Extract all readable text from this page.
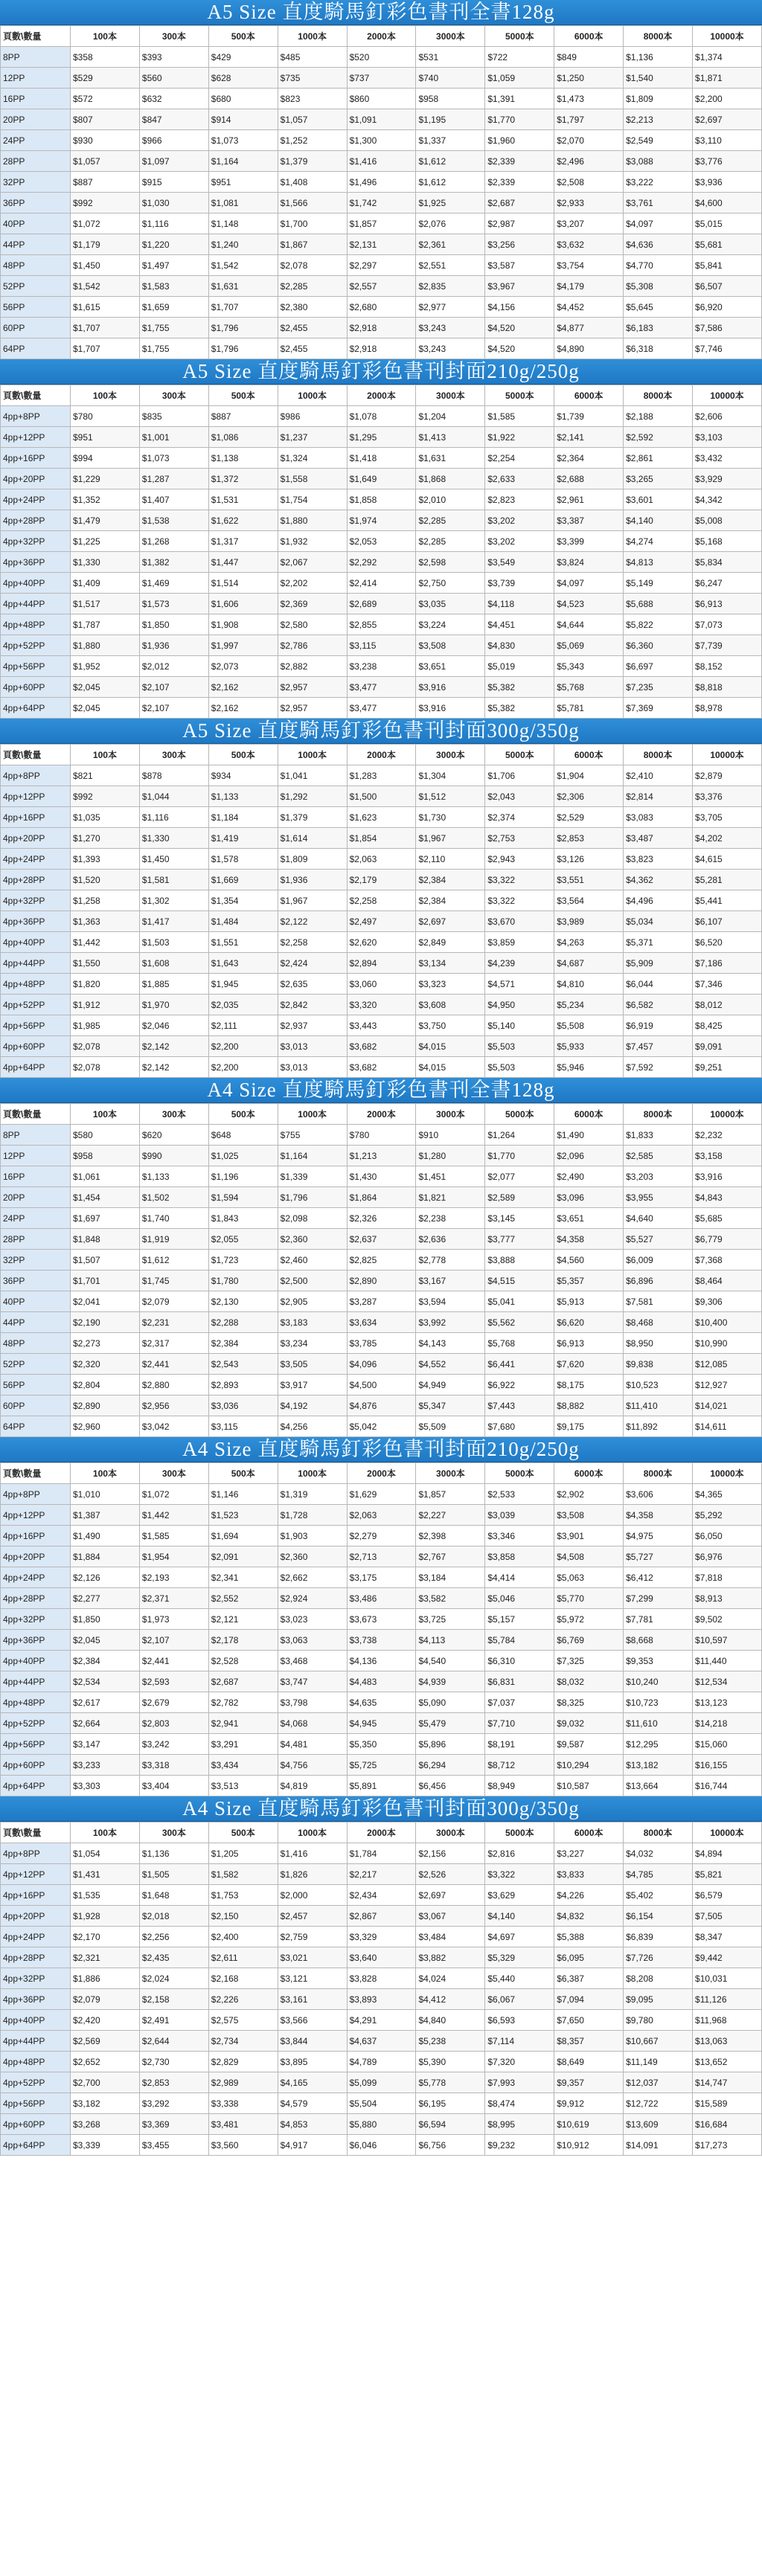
A5 Size 直度騎馬釘彩色書刊全書128g
頁數\數量	100本	300本	500本	1000本	2000本	3000本	5000本	6000本	8000本	10000本
8PP	$358	$393	$429	$485	$520	$531	$722	$849	$1,136	$1,374
12PP	$529	$560	$628	$735	$737	$740	$1,059	$1,250	$1,540	$1,871
16PP	$572	$632	$680	$823	$860	$958	$1,391	$1,473	$1,809	$2,200
20PP	$807	$847	$914	$1,057	$1,091	$1,195	$1,770	$1,797	$2,213	$2,697
24PP	$930	$966	$1,073	$1,252	$1,300	$1,337	$1,960	$2,070	$2,549	$3,110
28PP	$1,057	$1,097	$1,164	$1,379	$1,416	$1,612	$2,339	$2,496	$3,088	$3,776
32PP	$887	$915	$951	$1,408	$1,496	$1,612	$2,339	$2,508	$3,222	$3,936
36PP	$992	$1,030	$1,081	$1,566	$1,742	$1,925	$2,687	$2,933	$3,761	$4,600
40PP	$1,072	$1,116	$1,148	$1,700	$1,857	$2,076	$2,987	$3,207	$4,097	$5,015
44PP	$1,179	$1,220	$1,240	$1,867	$2,131	$2,361	$3,256	$3,632	$4,636	$5,681
48PP	$1,450	$1,497	$1,542	$2,078	$2,297	$2,551	$3,587	$3,754	$4,770	$5,841
52PP	$1,542	$1,583	$1,631	$2,285	$2,557	$2,835	$3,967	$4,179	$5,308	$6,507
56PP	$1,615	$1,659	$1,707	$2,380	$2,680	$2,977	$4,156	$4,452	$5,645	$6,920
60PP	$1,707	$1,755	$1,796	$2,455	$2,918	$3,243	$4,520	$4,877	$6,183	$7,586
64PP	$1,707	$1,755	$1,796	$2,455	$2,918	$3,243	$4,520	$4,890	$6,318	$7,746
A5 Size 直度騎馬釘彩色書刊封面210g/250g
頁數\數量	100本	300本	500本	1000本	2000本	3000本	5000本	6000本	8000本	10000本
4pp+8PP	$780	$835	$887	$986	$1,078	$1,204	$1,585	$1,739	$2,188	$2,606
4pp+12PP	$951	$1,001	$1,086	$1,237	$1,295	$1,413	$1,922	$2,141	$2,592	$3,103
4pp+16PP	$994	$1,073	$1,138	$1,324	$1,418	$1,631	$2,254	$2,364	$2,861	$3,432
4pp+20PP	$1,229	$1,287	$1,372	$1,558	$1,649	$1,868	$2,633	$2,688	$3,265	$3,929
4pp+24PP	$1,352	$1,407	$1,531	$1,754	$1,858	$2,010	$2,823	$2,961	$3,601	$4,342
4pp+28PP	$1,479	$1,538	$1,622	$1,880	$1,974	$2,285	$3,202	$3,387	$4,140	$5,008
4pp+32PP	$1,225	$1,268	$1,317	$1,932	$2,053	$2,285	$3,202	$3,399	$4,274	$5,168
4pp+36PP	$1,330	$1,382	$1,447	$2,067	$2,292	$2,598	$3,549	$3,824	$4,813	$5,834
4pp+40PP	$1,409	$1,469	$1,514	$2,202	$2,414	$2,750	$3,739	$4,097	$5,149	$6,247
4pp+44PP	$1,517	$1,573	$1,606	$2,369	$2,689	$3,035	$4,118	$4,523	$5,688	$6,913
4pp+48PP	$1,787	$1,850	$1,908	$2,580	$2,855	$3,224	$4,451	$4,644	$5,822	$7,073
4pp+52PP	$1,880	$1,936	$1,997	$2,786	$3,115	$3,508	$4,830	$5,069	$6,360	$7,739
4pp+56PP	$1,952	$2,012	$2,073	$2,882	$3,238	$3,651	$5,019	$5,343	$6,697	$8,152
4pp+60PP	$2,045	$2,107	$2,162	$2,957	$3,477	$3,916	$5,382	$5,768	$7,235	$8,818
4pp+64PP	$2,045	$2,107	$2,162	$2,957	$3,477	$3,916	$5,382	$5,781	$7,369	$8,978
A5 Size 直度騎馬釘彩色書刊封面300g/350g
頁數\數量	100本	300本	500本	1000本	2000本	3000本	5000本	6000本	8000本	10000本
4pp+8PP	$821	$878	$934	$1,041	$1,283	$1,304	$1,706	$1,904	$2,410	$2,879
4pp+12PP	$992	$1,044	$1,133	$1,292	$1,500	$1,512	$2,043	$2,306	$2,814	$3,376
4pp+16PP	$1,035	$1,116	$1,184	$1,379	$1,623	$1,730	$2,374	$2,529	$3,083	$3,705
4pp+20PP	$1,270	$1,330	$1,419	$1,614	$1,854	$1,967	$2,753	$2,853	$3,487	$4,202
4pp+24PP	$1,393	$1,450	$1,578	$1,809	$2,063	$2,110	$2,943	$3,126	$3,823	$4,615
4pp+28PP	$1,520	$1,581	$1,669	$1,936	$2,179	$2,384	$3,322	$3,551	$4,362	$5,281
4pp+32PP	$1,258	$1,302	$1,354	$1,967	$2,258	$2,384	$3,322	$3,564	$4,496	$5,441
4pp+36PP	$1,363	$1,417	$1,484	$2,122	$2,497	$2,697	$3,670	$3,989	$5,034	$6,107
4pp+40PP	$1,442	$1,503	$1,551	$2,258	$2,620	$2,849	$3,859	$4,263	$5,371	$6,520
4pp+44PP	$1,550	$1,608	$1,643	$2,424	$2,894	$3,134	$4,239	$4,687	$5,909	$7,186
4pp+48PP	$1,820	$1,885	$1,945	$2,635	$3,060	$3,323	$4,571	$4,810	$6,044	$7,346
4pp+52PP	$1,912	$1,970	$2,035	$2,842	$3,320	$3,608	$4,950	$5,234	$6,582	$8,012
4pp+56PP	$1,985	$2,046	$2,111	$2,937	$3,443	$3,750	$5,140	$5,508	$6,919	$8,425
4pp+60PP	$2,078	$2,142	$2,200	$3,013	$3,682	$4,015	$5,503	$5,933	$7,457	$9,091
4pp+64PP	$2,078	$2,142	$2,200	$3,013	$3,682	$4,015	$5,503	$5,946	$7,592	$9,251
A4 Size 直度騎馬釘彩色書刊全書128g
頁數\數量	100本	300本	500本	1000本	2000本	3000本	5000本	6000本	8000本	10000本
8PP	$580	$620	$648	$755	$780	$910	$1,264	$1,490	$1,833	$2,232
12PP	$958	$990	$1,025	$1,164	$1,213	$1,280	$1,770	$2,096	$2,585	$3,158
16PP	$1,061	$1,133	$1,196	$1,339	$1,430	$1,451	$2,077	$2,490	$3,203	$3,916
20PP	$1,454	$1,502	$1,594	$1,796	$1,864	$1,821	$2,589	$3,096	$3,955	$4,843
24PP	$1,697	$1,740	$1,843	$2,098	$2,326	$2,238	$3,145	$3,651	$4,640	$5,685
28PP	$1,848	$1,919	$2,055	$2,360	$2,637	$2,636	$3,777	$4,358	$5,527	$6,779
32PP	$1,507	$1,612	$1,723	$2,460	$2,825	$2,778	$3,888	$4,560	$6,009	$7,368
36PP	$1,701	$1,745	$1,780	$2,500	$2,890	$3,167	$4,515	$5,357	$6,896	$8,464
40PP	$2,041	$2,079	$2,130	$2,905	$3,287	$3,594	$5,041	$5,913	$7,581	$9,306
44PP	$2,190	$2,231	$2,288	$3,183	$3,634	$3,992	$5,562	$6,620	$8,468	$10,400
48PP	$2,273	$2,317	$2,384	$3,234	$3,785	$4,143	$5,768	$6,913	$8,950	$10,990
52PP	$2,320	$2,441	$2,543	$3,505	$4,096	$4,552	$6,441	$7,620	$9,838	$12,085
56PP	$2,804	$2,880	$2,893	$3,917	$4,500	$4,949	$6,922	$8,175	$10,523	$12,927
60PP	$2,890	$2,956	$3,036	$4,192	$4,876	$5,347	$7,443	$8,882	$11,410	$14,021
64PP	$2,960	$3,042	$3,115	$4,256	$5,042	$5,509	$7,680	$9,175	$11,892	$14,611
A4 Size 直度騎馬釘彩色書刊封面210g/250g
頁數\數量	100本	300本	500本	1000本	2000本	3000本	5000本	6000本	8000本	10000本
4pp+8PP	$1,010	$1,072	$1,146	$1,319	$1,629	$1,857	$2,533	$2,902	$3,606	$4,365
4pp+12PP	$1,387	$1,442	$1,523	$1,728	$2,063	$2,227	$3,039	$3,508	$4,358	$5,292
4pp+16PP	$1,490	$1,585	$1,694	$1,903	$2,279	$2,398	$3,346	$3,901	$4,975	$6,050
4pp+20PP	$1,884	$1,954	$2,091	$2,360	$2,713	$2,767	$3,858	$4,508	$5,727	$6,976
4pp+24PP	$2,126	$2,193	$2,341	$2,662	$3,175	$3,184	$4,414	$5,063	$6,412	$7,818
4pp+28PP	$2,277	$2,371	$2,552	$2,924	$3,486	$3,582	$5,046	$5,770	$7,299	$8,913
4pp+32PP	$1,850	$1,973	$2,121	$3,023	$3,673	$3,725	$5,157	$5,972	$7,781	$9,502
4pp+36PP	$2,045	$2,107	$2,178	$3,063	$3,738	$4,113	$5,784	$6,769	$8,668	$10,597
4pp+40PP	$2,384	$2,441	$2,528	$3,468	$4,136	$4,540	$6,310	$7,325	$9,353	$11,440
4pp+44PP	$2,534	$2,593	$2,687	$3,747	$4,483	$4,939	$6,831	$8,032	$10,240	$12,534
4pp+48PP	$2,617	$2,679	$2,782	$3,798	$4,635	$5,090	$7,037	$8,325	$10,723	$13,123
4pp+52PP	$2,664	$2,803	$2,941	$4,068	$4,945	$5,479	$7,710	$9,032	$11,610	$14,218
4pp+56PP	$3,147	$3,242	$3,291	$4,481	$5,350	$5,896	$8,191	$9,587	$12,295	$15,060
4pp+60PP	$3,233	$3,318	$3,434	$4,756	$5,725	$6,294	$8,712	$10,294	$13,182	$16,155
4pp+64PP	$3,303	$3,404	$3,513	$4,819	$5,891	$6,456	$8,949	$10,587	$13,664	$16,744
A4 Size 直度騎馬釘彩色書刊封面300g/350g
頁數\數量	100本	300本	500本	1000本	2000本	3000本	5000本	6000本	8000本	10000本
4pp+8PP	$1,054	$1,136	$1,205	$1,416	$1,784	$2,156	$2,816	$3,227	$4,032	$4,894
4pp+12PP	$1,431	$1,505	$1,582	$1,826	$2,217	$2,526	$3,322	$3,833	$4,785	$5,821
4pp+16PP	$1,535	$1,648	$1,753	$2,000	$2,434	$2,697	$3,629	$4,226	$5,402	$6,579
4pp+20PP	$1,928	$2,018	$2,150	$2,457	$2,867	$3,067	$4,140	$4,832	$6,154	$7,505
4pp+24PP	$2,170	$2,256	$2,400	$2,759	$3,329	$3,484	$4,697	$5,388	$6,839	$8,347
4pp+28PP	$2,321	$2,435	$2,611	$3,021	$3,640	$3,882	$5,329	$6,095	$7,726	$9,442
4pp+32PP	$1,886	$2,024	$2,168	$3,121	$3,828	$4,024	$5,440	$6,387	$8,208	$10,031
4pp+36PP	$2,079	$2,158	$2,226	$3,161	$3,893	$4,412	$6,067	$7,094	$9,095	$11,126
4pp+40PP	$2,420	$2,491	$2,575	$3,566	$4,291	$4,840	$6,593	$7,650	$9,780	$11,968
4pp+44PP	$2,569	$2,644	$2,734	$3,844	$4,637	$5,238	$7,114	$8,357	$10,667	$13,063
4pp+48PP	$2,652	$2,730	$2,829	$3,895	$4,789	$5,390	$7,320	$8,649	$11,149	$13,652
4pp+52PP	$2,700	$2,853	$2,989	$4,165	$5,099	$5,778	$7,993	$9,357	$12,037	$14,747
4pp+56PP	$3,182	$3,292	$3,338	$4,579	$5,504	$6,195	$8,474	$9,912	$12,722	$15,589
4pp+60PP	$3,268	$3,369	$3,481	$4,853	$5,880	$6,594	$8,995	$10,619	$13,609	$16,684
4pp+64PP	$3,339	$3,455	$3,560	$4,917	$6,046	$6,756	$9,232	$10,912	$14,091	$17,273
